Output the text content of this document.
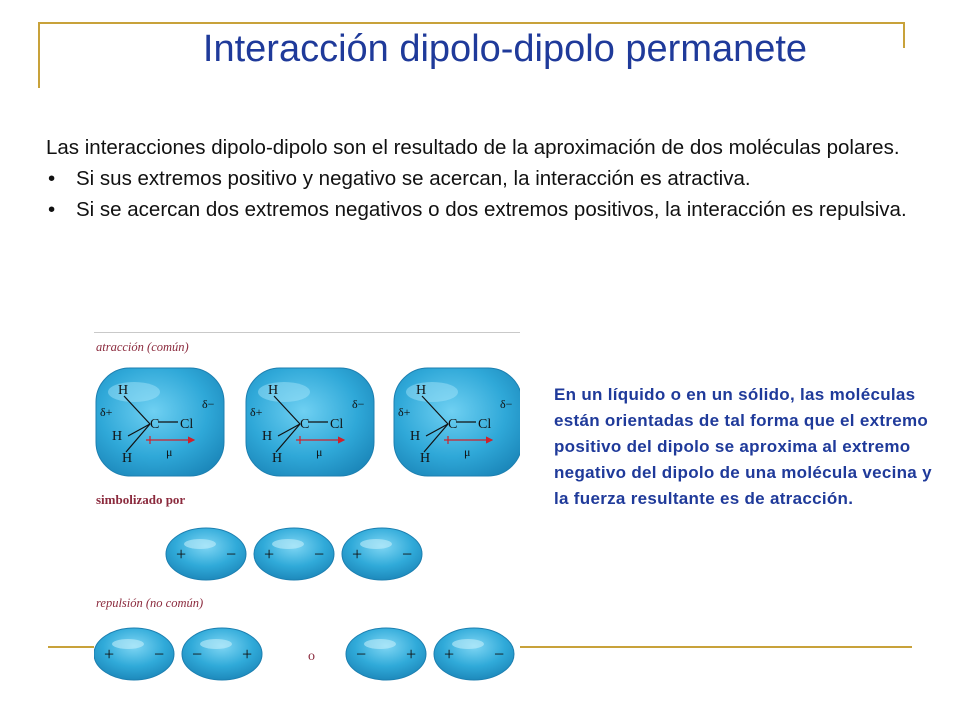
Interacción dipolo-dipolo permanete

Las interacciones dipolo-dipolo son el resultado de la aproximación de dos moléculas polares.

• Si sus extremos positivo y negativo se acercan, la interacción es atractiva.
• Si se acercan dos extremos negativos o dos extremos positivos, la interacción es repulsiva.
H
H
H
C Cl
δ+
δ−
μ
H
H
H
C Cl
δ+
δ−
μ
H
H
H
C Cl
δ+
δ−
μ
+ − + − + −
+ − − +	o − + + −
atracción (común)
simbolizado por
repulsión (no común)
En un líquido o en un sólido, las moléculas están orientadas de tal forma que el extremo positivo del dipolo se aproxima al extremo negativo del dipolo de una molécula vecina y la fuerza resultante es de atracción.
